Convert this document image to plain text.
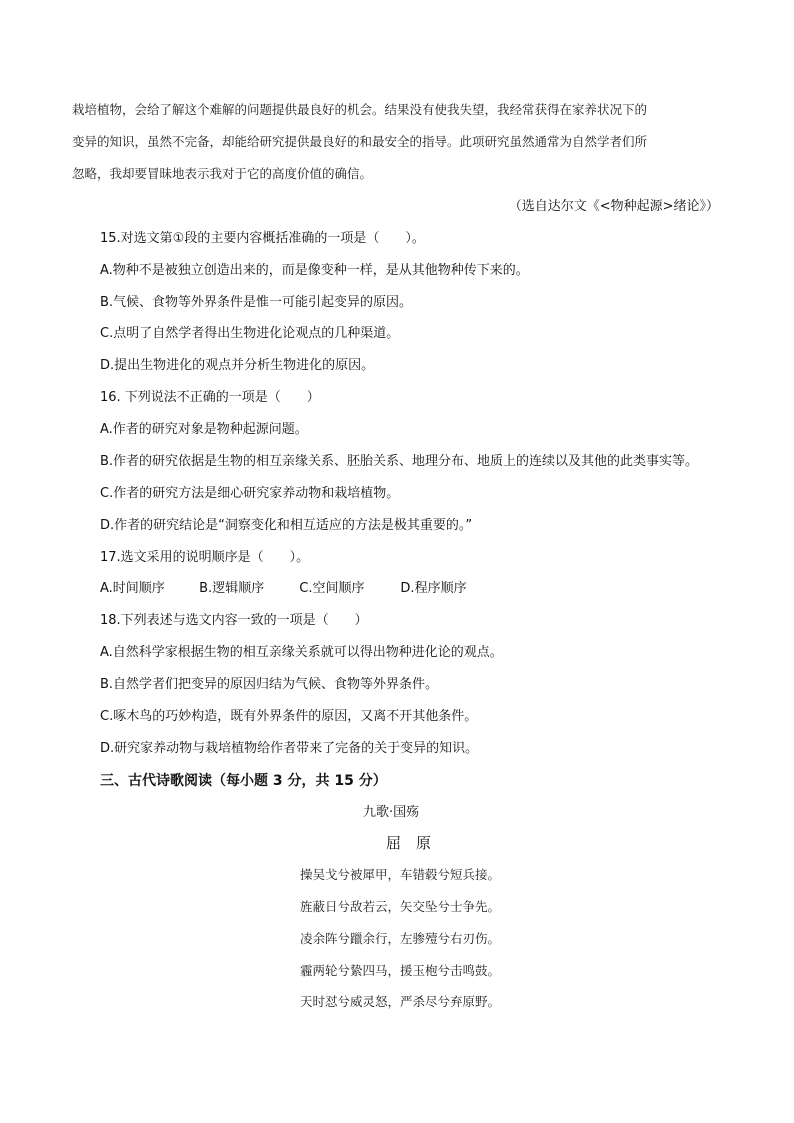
栽培植物，会给了解这个难解的问题提供最良好的机会。结果没有使我失望，我经常获得在家养状况下的
变异的知识，虽然不完备，却能给研究提供最良好的和最安全的指导。此项研究虽然通常为自然学者们所
忽略，我却要冒昧地表示我对于它的高度价值的确信。
（选自达尔文《<物种起源>绪论》）
15.对选文第①段的主要内容概括准确的一项是（　　）。
A.物种不是被独立创造出来的，而是像变种一样，是从其他物种传下来的。
B.气候、食物等外界条件是惟一可能引起变异的原因。
C.点明了自然学者得出生物进化论观点的几种渠道。
D.提出生物进化的观点并分析生物进化的原因。
16. 下列说法不正确的一项是（　　）
A.作者的研究对象是物种起源问题。
B.作者的研究依据是生物的相互亲缘关系、胚胎关系、地理分布、地质上的连续以及其他的此类事实等。
C.作者的研究方法是细心研究家养动物和栽培植物。
D.作者的研究结论是“洞察变化和相互适应的方法是极其重要的。”
17.选文采用的说明顺序是（　　）。
A.时间顺序	B.逻辑顺序	C.空间顺序	D.程序顺序
18.下列表述与选文内容一致的一项是（　　）
A.自然科学家根据生物的相互亲缘关系就可以得出物种进化论的观点。
B.自然学者们把变异的原因归结为气候、食物等外界条件。
C.啄木鸟的巧妙构造，既有外界条件的原因，又离不开其他条件。
D.研究家养动物与栽培植物给作者带来了完备的关于变异的知识。
三、古代诗歌阅读（每小题 3 分，共 15 分）
九歌·国殇
屈　原
操吴戈兮被犀甲，车错毂兮短兵接。
旌蔽日兮敌若云，矢交坠兮士争先。
凌余阵兮躐余行，左骖殪兮右刃伤。
霾两轮兮絷四马，援玉枹兮击鸣鼓。
天时怼兮威灵怒，严杀尽兮弃原野。
